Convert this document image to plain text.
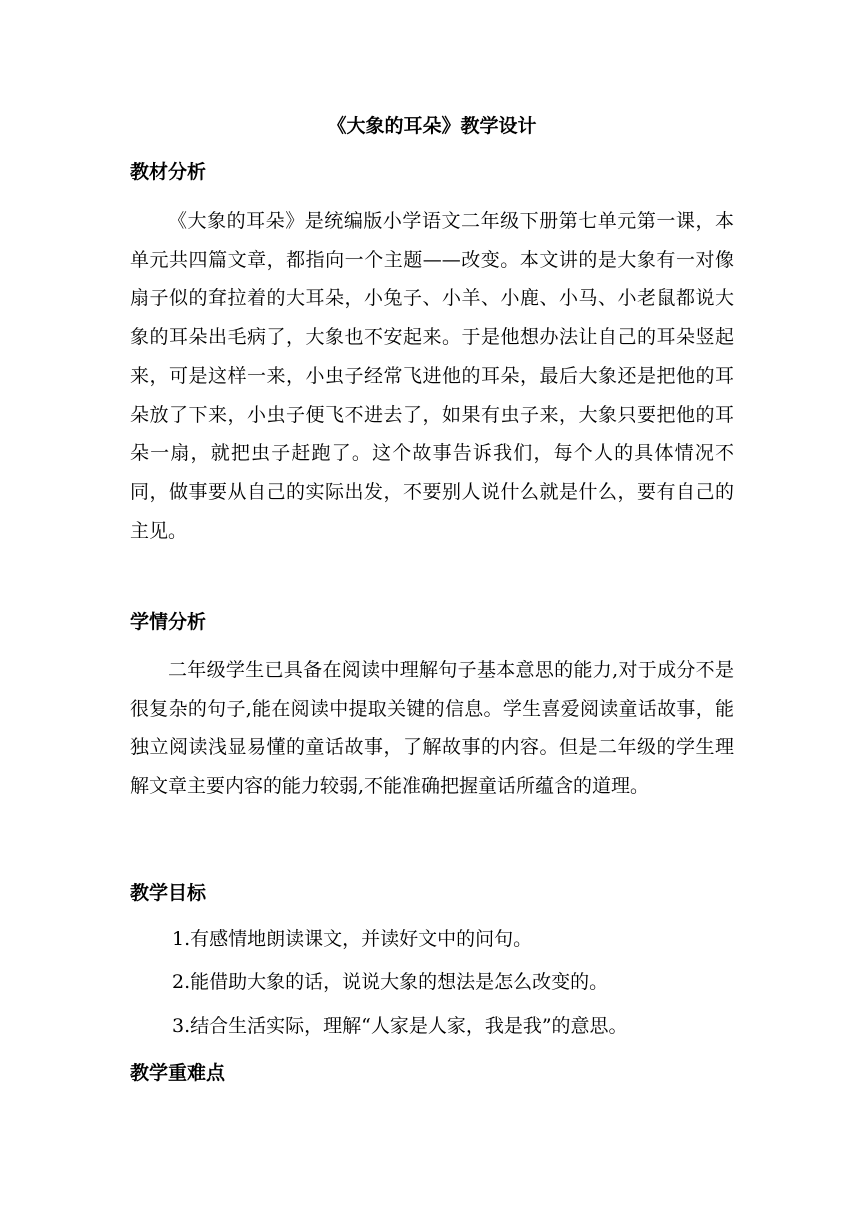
《大象的耳朵》教学设计
教材分析

《大象的耳朵》是统编版小学语文二年级下册第七单元第一课，本单元共四篇文章，都指向一个主题——改变。本文讲的是大象有一对像扇子似的耷拉着的大耳朵，小兔子、小羊、小鹿、小马、小老鼠都说大象的耳朵出毛病了，大象也不安起来。于是他想办法让自己的耳朵竖起来，可是这样一来，小虫子经常飞进他的耳朵，最后大象还是把他的耳朵放了下来，小虫子便飞不进去了，如果有虫子来，大象只要把他的耳朵一扇，就把虫子赶跑了。这个故事告诉我们，每个人的具体情况不同，做事要从自己的实际出发，不要别人说什么就是什么，要有自己的主见。

学情分析

二年级学生已具备在阅读中理解句子基本意思的能力,对于成分不是很复杂的句子,能在阅读中提取关键的信息。学生喜爱阅读童话故事，能独立阅读浅显易懂的童话故事，了解故事的内容。但是二年级的学生理解文章主要内容的能力较弱,不能准确把握童话所蕴含的道理。

教学目标

1.有感情地朗读课文，并读好文中的问句。

2.能借助大象的话，说说大象的想法是怎么改变的。

3.结合生活实际，理解“人家是人家，我是我”的意思。

教学重难点
